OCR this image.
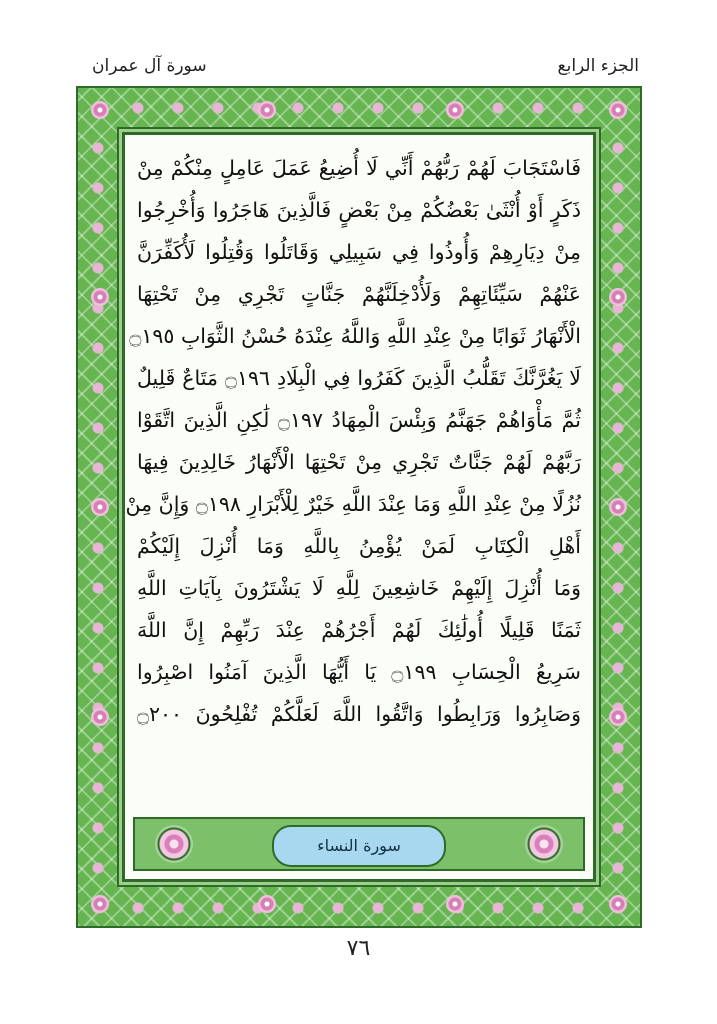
سورة آل عمران	الجزء الرابع
فَاسْتَجَابَ لَهُمْ رَبُّهُمْ أَنِّي لَا أُضِيعُ عَمَلَ عَامِلٍ مِنْكُمْ مِنْ
ذَكَرٍ أَوْ أُنْثَىٰ بَعْضُكُمْ مِنْ بَعْضٍ فَالَّذِينَ هَاجَرُوا وَأُخْرِجُوا
مِنْ دِيَارِهِمْ وَأُوذُوا فِي سَبِيلِي وَقَاتَلُوا وَقُتِلُوا لَأُكَفِّرَنَّ
عَنْهُمْ سَيِّئَاتِهِمْ وَلَأُدْخِلَنَّهُمْ جَنَّاتٍ تَجْرِي مِنْ تَحْتِهَا
الْأَنْهَارُ ثَوَابًا مِنْ عِنْدِ اللَّهِ وَاللَّهُ عِنْدَهُ حُسْنُ الثَّوَابِ ۝١٩٥
لَا يَغُرَّنَّكَ تَقَلُّبُ الَّذِينَ كَفَرُوا فِي الْبِلَادِ ۝١٩٦ مَتَاعٌ قَلِيلٌ
ثُمَّ مَأْوَاهُمْ جَهَنَّمُ وَبِئْسَ الْمِهَادُ ۝١٩٧ لَٰكِنِ الَّذِينَ اتَّقَوْا
رَبَّهُمْ لَهُمْ جَنَّاتٌ تَجْرِي مِنْ تَحْتِهَا الْأَنْهَارُ خَالِدِينَ فِيهَا
نُزُلًا مِنْ عِنْدِ اللَّهِ وَمَا عِنْدَ اللَّهِ خَيْرٌ لِلْأَبْرَارِ ۝١٩٨ وَإِنَّ مِنْ
أَهْلِ الْكِتَابِ لَمَنْ يُؤْمِنُ بِاللَّهِ وَمَا أُنْزِلَ إِلَيْكُمْ
وَمَا أُنْزِلَ إِلَيْهِمْ خَاشِعِينَ لِلَّهِ لَا يَشْتَرُونَ بِآيَاتِ اللَّهِ
ثَمَنًا قَلِيلًا أُولَٰئِكَ لَهُمْ أَجْرُهُمْ عِنْدَ رَبِّهِمْ إِنَّ اللَّهَ
سَرِيعُ الْحِسَابِ ۝١٩٩ يَا أَيُّهَا الَّذِينَ آمَنُوا اصْبِرُوا
وَصَابِرُوا وَرَابِطُوا وَاتَّقُوا اللَّهَ لَعَلَّكُمْ تُفْلِحُونَ ۝٢٠٠
سورة النساء
٧٦
